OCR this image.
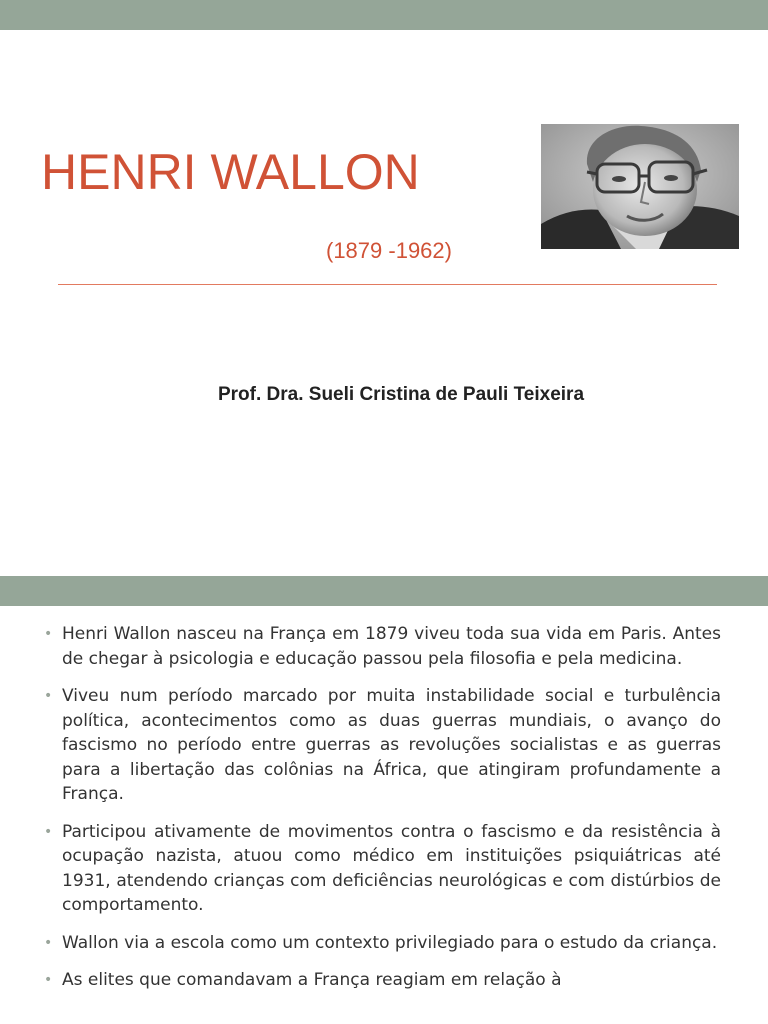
HENRI WALLON
(1879 -1962)
Prof. Dra. Sueli Cristina de Pauli Teixeira
• Henri Wallon nasceu na França em 1879 viveu toda sua vida em Paris. Antes de chegar à psicologia e educação passou pela filosofia e pela medicina.
• Viveu num período marcado por muita instabilidade social e turbulência política, acontecimentos como as duas guerras mundiais, o avanço do fascismo no período entre guerras as revoluções socialistas e as guerras para a libertação das colônias na África, que atingiram profundamente a França.
• Participou ativamente de movimentos contra o fascismo e da resistência à ocupação nazista, atuou como médico em instituições psiquiátricas até 1931, atendendo crianças com deficiências neurológicas e com distúrbios de comportamento.
• Wallon via a escola como um contexto privilegiado para o estudo da criança.
• As elites que comandavam a França reagiam em relação à
